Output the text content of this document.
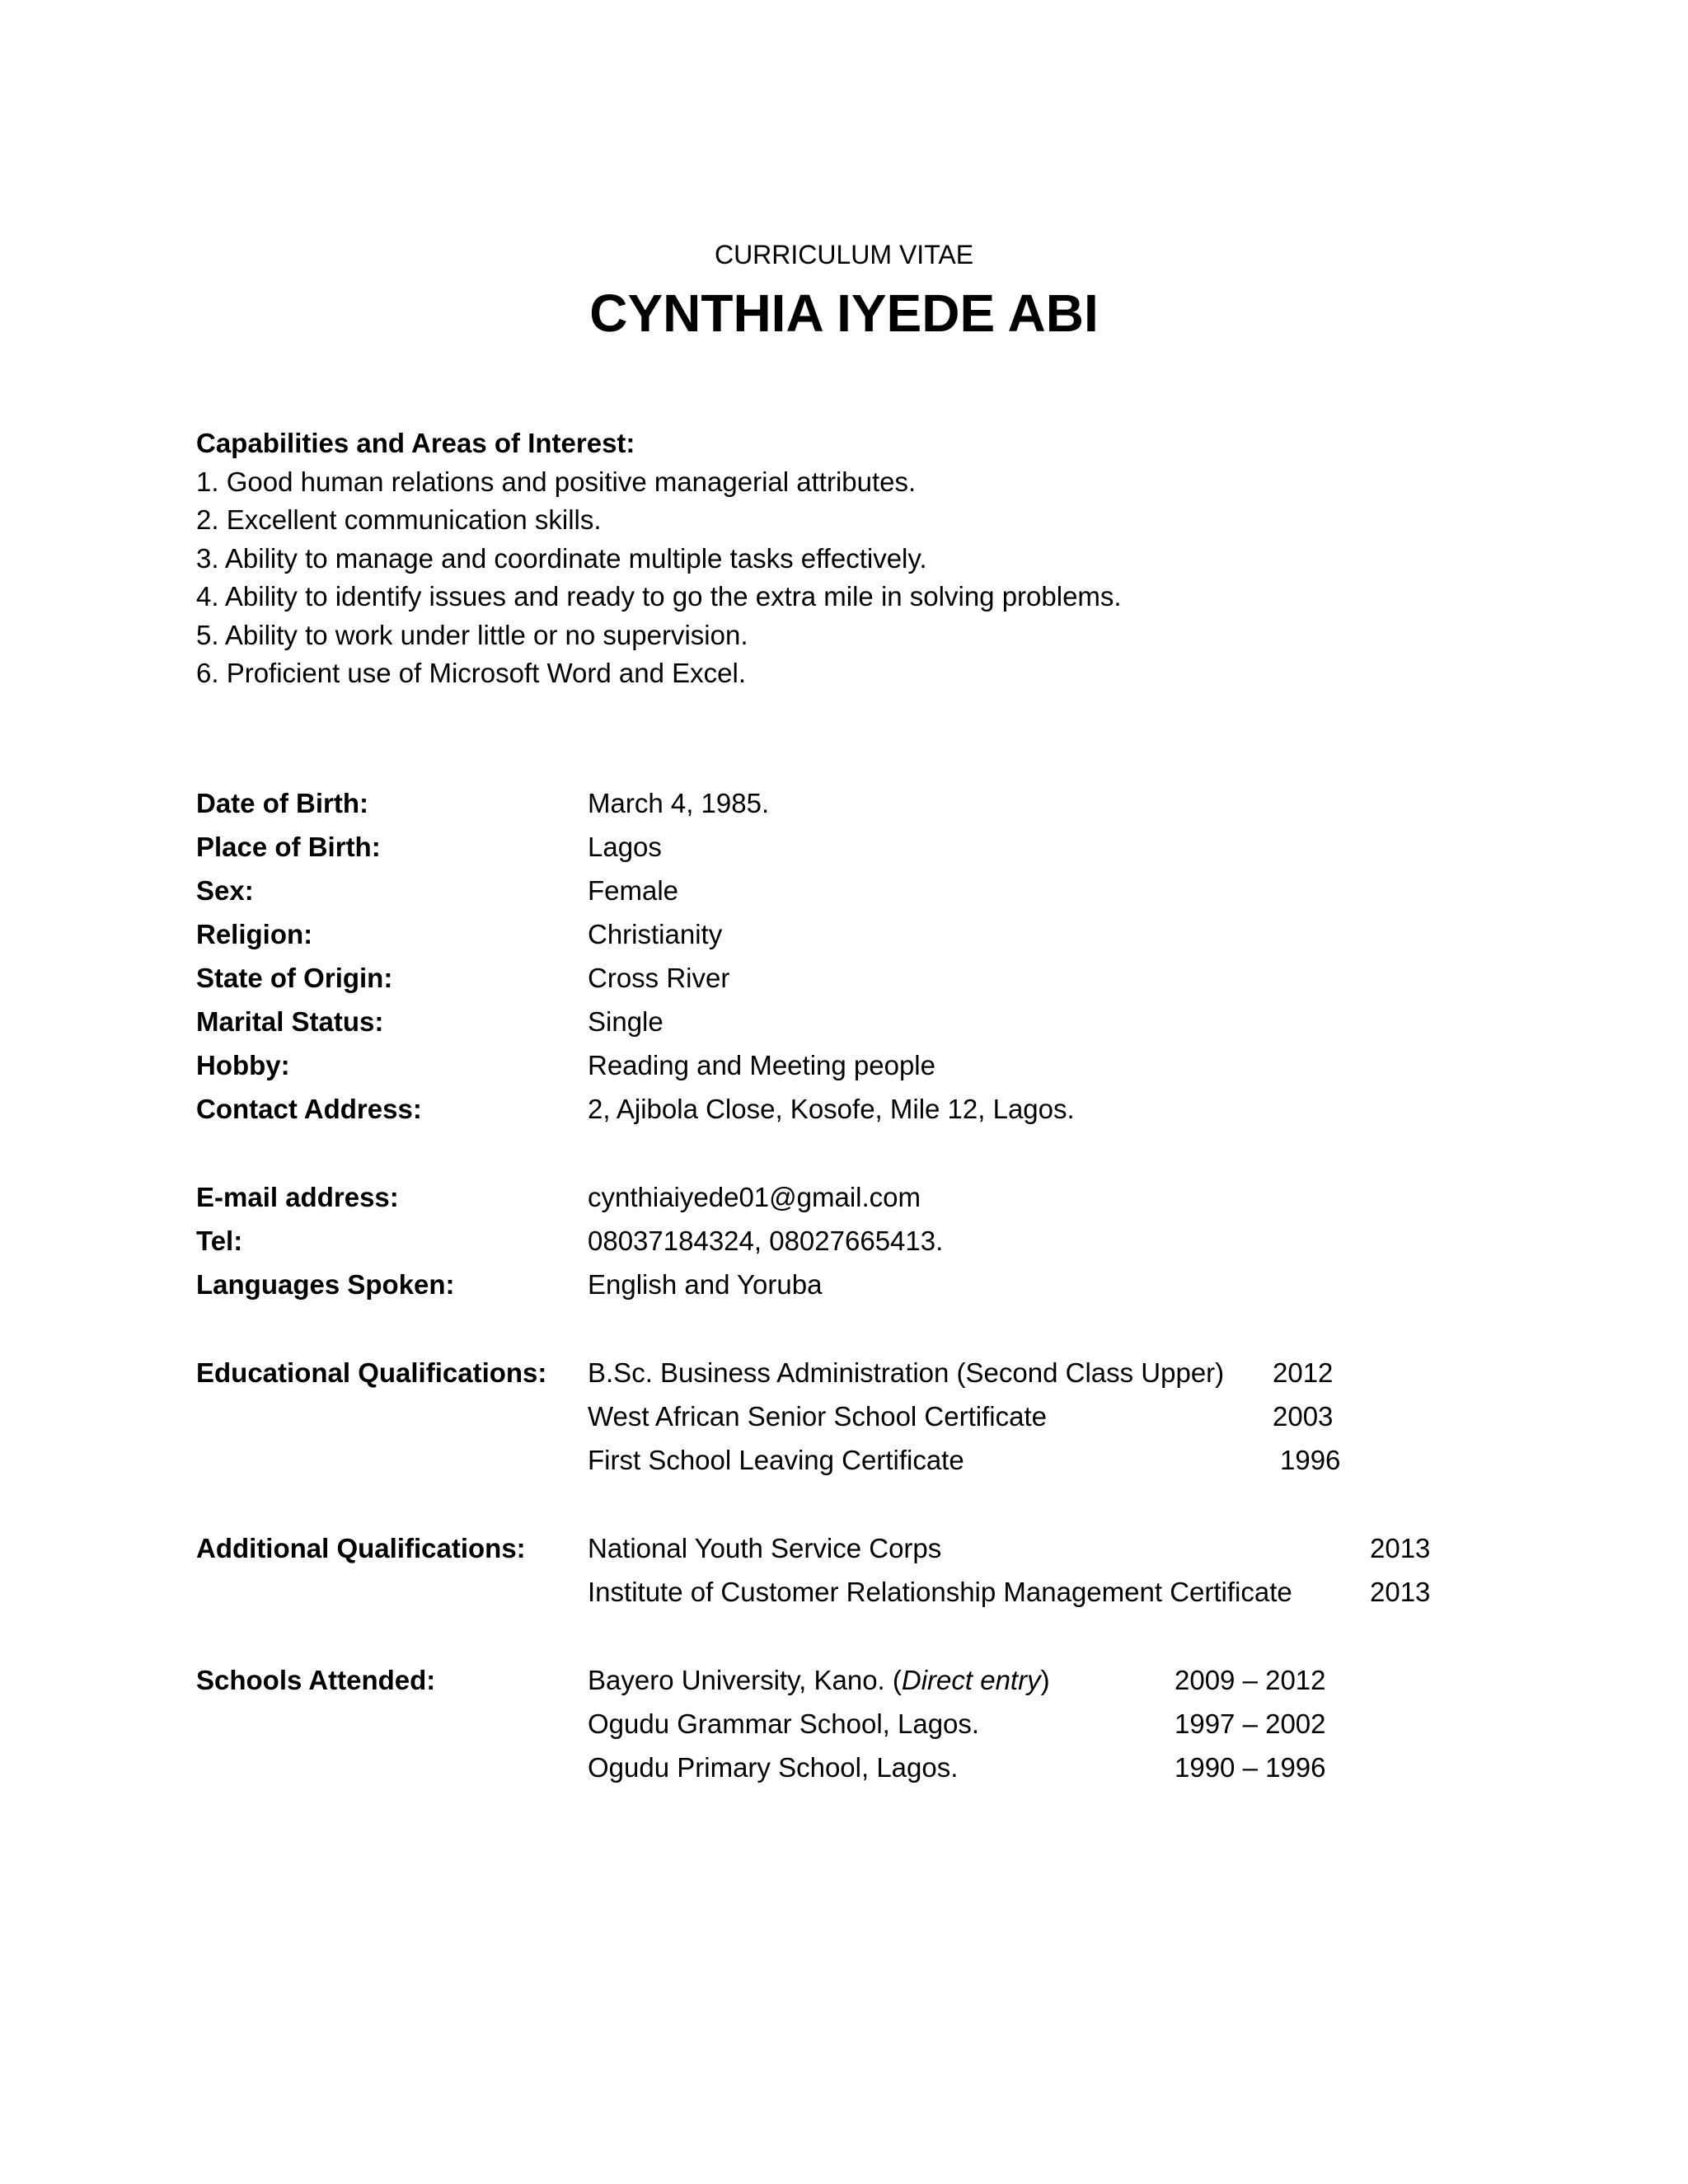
CURRICULUM VITAE
CYNTHIA IYEDE ABI

Capabilities and Areas of Interest:

1. Good human relations and positive managerial attributes.
2. Excellent communication skills.
3. Ability to manage and coordinate multiple tasks effectively.
4. Ability to identify issues and ready to go the extra mile in solving problems.
5. Ability to work under little or no supervision.
6. Proficient use of Microsoft Word and Excel.
Date of Birth:	March 4, 1985.
Place of Birth:	Lagos
Sex:	Female
Religion:	Christianity
State of Origin:	Cross River
Marital Status:	Single
Hobby:	Reading and Meeting people
Contact Address:	2, Ajibola Close, Kosofe, Mile 12, Lagos.
E-mail address:	cynthiaiyede01@gmail.com
Tel:	08037184324, 08027665413.
Languages Spoken:	English and Yoruba
Educational Qualifications: B.Sc. Business Administration (Second Class Upper) 2012
West African Senior School Certificate	2003
First School Leaving Certificate	1996
Additional Qualifications: National Youth Service Corps	2013
Institute of Customer Relationship Management Certificate	2013
Schools Attended:	Bayero University, Kano. (Direct entry)	2009 – 2012
Ogudu Grammar School, Lagos.	1997 – 2002
Ogudu Primary School, Lagos.	1990 – 1996
